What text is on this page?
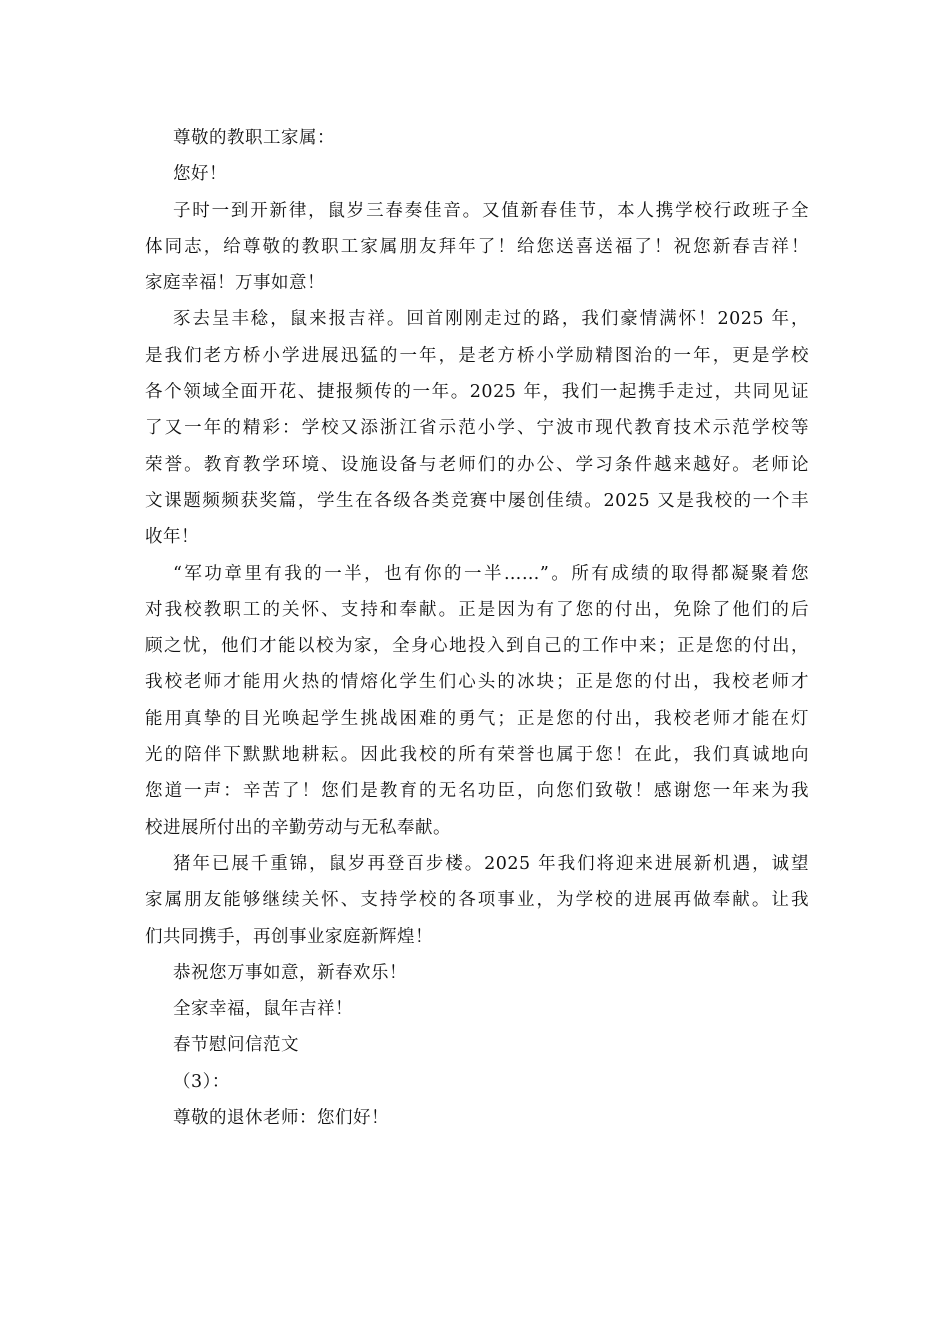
尊敬的教职工家属：
您好！
子时一到开新律，鼠岁三春奏佳音。又值新春佳节，本人携学校行政班子全
体同志，给尊敬的教职工家属朋友拜年了！给您送喜送福了！祝您新春吉祥！
家庭幸福！万事如意！
豕去呈丰稔，鼠来报吉祥。回首刚刚走过的路，我们豪情满怀！2025 年，
是我们老方桥小学进展迅猛的一年，是老方桥小学励精图治的一年，更是学校
各个领域全面开花、捷报频传的一年。2025 年，我们一起携手走过，共同见证
了又一年的精彩：学校又添浙江省示范小学、宁波市现代教育技术示范学校等
荣誉。教育教学环境、设施设备与老师们的办公、学习条件越来越好。老师论
文课题频频获奖篇，学生在各级各类竞赛中屡创佳绩。2025 又是我校的一个丰
收年！
“军功章里有我的一半，也有你的一半……”。所有成绩的取得都凝聚着您
对我校教职工的关怀、支持和奉献。正是因为有了您的付出，免除了他们的后
顾之忧，他们才能以校为家，全身心地投入到自己的工作中来；正是您的付出，
我校老师才能用火热的情熔化学生们心头的冰块；正是您的付出，我校老师才
能用真挚的目光唤起学生挑战困难的勇气；正是您的付出，我校老师才能在灯
光的陪伴下默默地耕耘。因此我校的所有荣誉也属于您！在此，我们真诚地向
您道一声：辛苦了！您们是教育的无名功臣，向您们致敬！感谢您一年来为我
校进展所付出的辛勤劳动与无私奉献。
猪年已展千重锦，鼠岁再登百步楼。2025 年我们将迎来进展新机遇，诚望
家属朋友能够继续关怀、支持学校的各项事业，为学校的进展再做奉献。让我
们共同携手，再创事业家庭新辉煌！
恭祝您万事如意，新春欢乐！
全家幸福，鼠年吉祥！
春节慰问信范文
（3）：
尊敬的退休老师：您们好！
